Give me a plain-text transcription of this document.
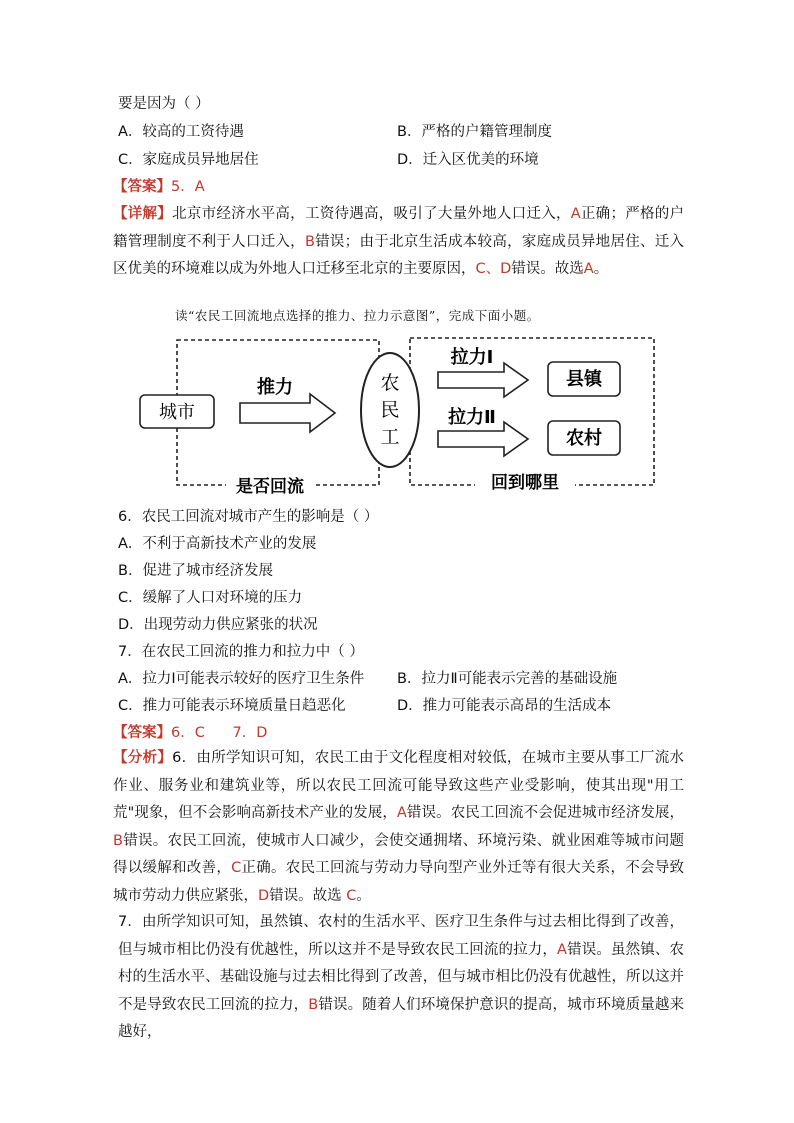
要是因为（ ）
A．较高的工资待遇	B．严格的户籍管理制度
C．家庭成员异地居住	D．迁入区优美的环境
【答案】5．A
【详解】北京市经济水平高，工资待遇高，吸引了大量外地人口迁入，A正确；严格的户籍管理制度不利于人口迁入，B错误；由于北京生活成本较高，家庭成员异地居住、迁入区优美的环境难以成为外地人口迁移至北京的主要原因，C、D错误。故选A。
读“农民工回流地点选择的推力、拉力示意图”，完成下面小题。
城市
推力	农
民
工
拉力Ⅰ
拉力Ⅱ
县镇
农村
是否回流	回到哪里
6．农民工回流对城市产生的影响是（ ）
A．不利于高新技术产业的发展
B．促进了城市经济发展
C．缓解了人口对环境的压力
D．出现劳动力供应紧张的状况
7．在农民工回流的推力和拉力中（ ）
A．拉力Ⅰ可能表示较好的医疗卫生条件 B．拉力Ⅱ可能表示完善的基础设施
C．推力可能表示环境质量日趋恶化	D．推力可能表示高昂的生活成本
【答案】6．C      7．D
【分析】6．由所学知识可知，农民工由于文化程度相对较低，在城市主要从事工厂流水作业、服务业和建筑业等，所以农民工回流可能导致这些产业受影响，使其出现"用工荒"现象，但不会影响高新技术产业的发展，A错误。农民工回流不会促进城市经济发展，B错误。农民工回流，使城市人口减少，会使交通拥堵、环境污染、就业困难等城市问题得以缓解和改善，C正确。农民工回流与劳动力导向型产业外迁等有很大关系，不会导致城市劳动力供应紧张，D错误。故选 C。
7．由所学知识可知，虽然镇、农村的生活水平、医疗卫生条件与过去相比得到了改善，但与城市相比仍没有优越性，所以这并不是导致农民工回流的拉力，A错误。虽然镇、农村的生活水平、基础设施与过去相比得到了改善，但与城市相比仍没有优越性，所以这并不是导致农民工回流的拉力，B错误。随着人们环境保护意识的提高，城市环境质量越来越好，
